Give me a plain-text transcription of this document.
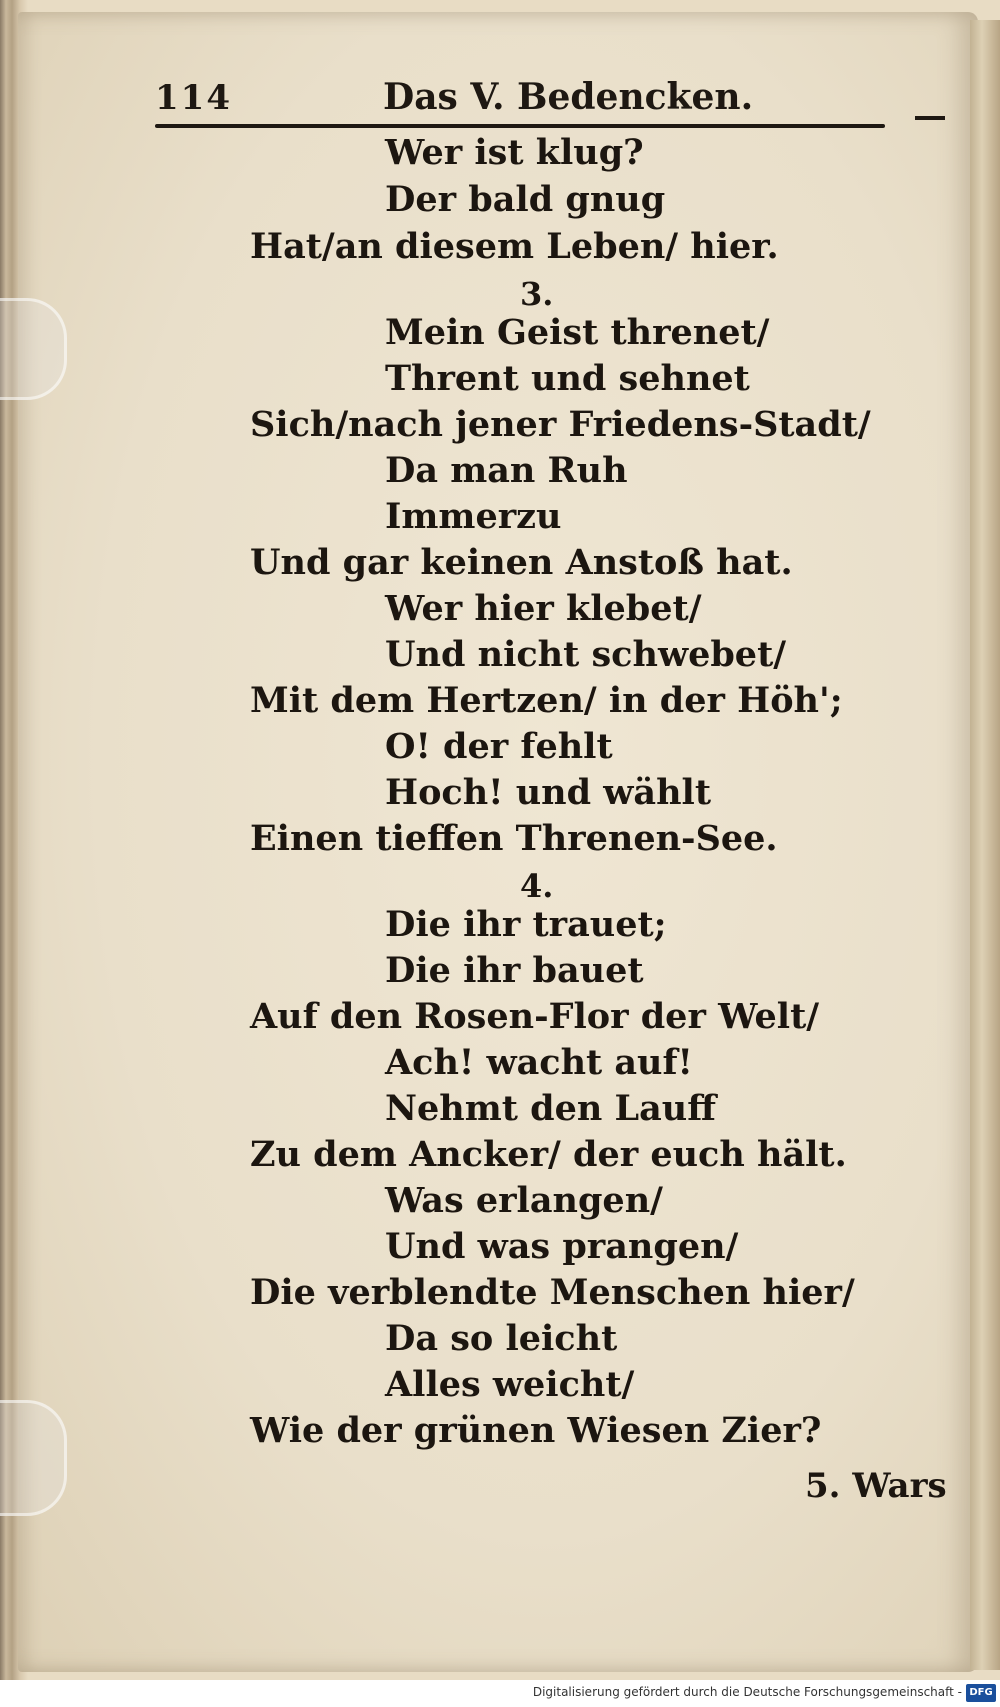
114	Das V. Bedencken.
Wer ist klug?
Der bald gnug
Hat/an diesem Leben/ hier.
3.
Mein Geist threnet/
Thrent und sehnet
Sich/nach jener Friedens-Stadt/
Da man Ruh
Immerzu
Und gar keinen Anstoß hat.
Wer hier klebet/
Und nicht schwebet/
Mit dem Hertzen/ in der Höh';
O! der fehlt
Hoch! und wählt
Einen tieffen Threnen-See.
4.
Die ihr trauet;
Die ihr bauet
Auf den Rosen-Flor der Welt/
Ach! wacht auf!
Nehmt den Lauff
Zu dem Ancker/ der euch hält.
Was erlangen/
Und was prangen/
Die verblendte Menschen hier/
Da so leicht
Alles weicht/
Wie der grünen Wiesen Zier?
5. Wars
Digitalisierung gefördert durch die Deutsche Forschungsgemeinschaft - DFG
